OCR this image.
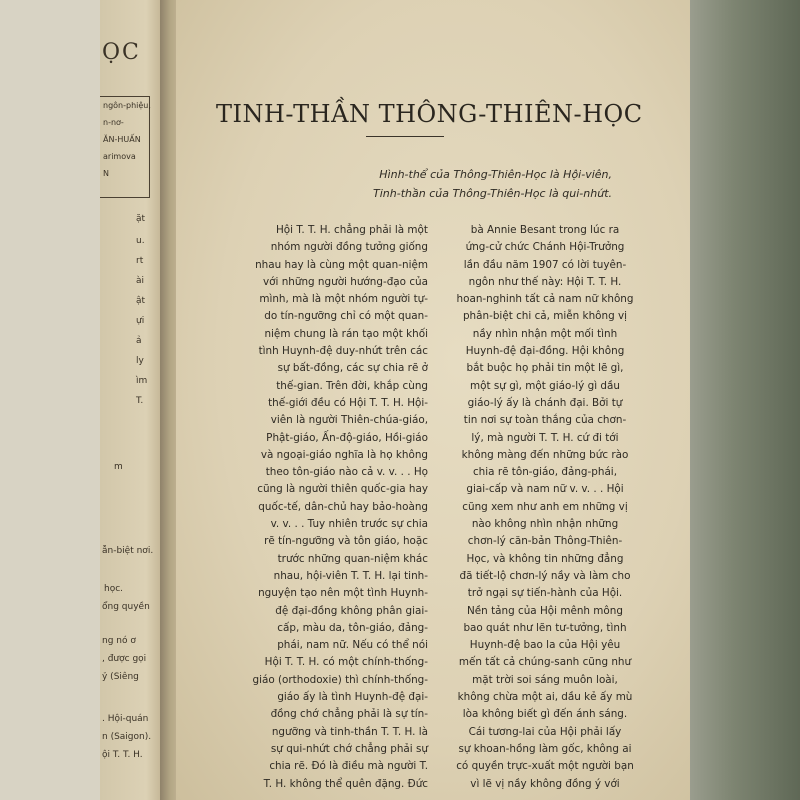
ỌC
ngôn-phiệu,
n-nơ-
ĂN-HUẤN
arimova
N
ặt
u.
rt
ài
ật
ựi
ả
ly
ìm
T.
m
ẫn-biệt nơi.
học.
ổng quyền
ng nó ơ
, được gọi
ỷ (Siêng
. Hội-quán
n (Saigon).
ội T. T. H.
TINH-THẦN THÔNG-THIÊN-HỌC
Hình-thể của Thông-Thiên-Học là Hội-viên,
Tinh-thần của Thông-Thiên-Học là qui-nhứt.
Hội T. T. H. chẳng phải là một
nhóm người đồng tưởng giống
nhau hay là cùng một quan-niệm
với những người hướng-đạo của
mình, mà là một nhóm người tự-
do tín-ngưỡng chỉ có một quan-
niệm chung là rán tạo một khối
tình Huynh-đệ duy-nhứt trên các
sự bất-đồng, các sự chia rẽ ở
thế-gian. Trên đời, khắp cùng
thế-giới đều có Hội T. T. H. Hội-
viên là người Thiên-chúa-giáo,
Phật-giáo, Ấn-độ-giáo, Hồi-giáo
và ngoại-giáo nghĩa là họ không
theo tôn-giáo nào cả v. v. . . Họ
cũng là người thiên quốc-gia hay
quốc-tế, dân-chủ hay bảo-hoàng
v. v. . . Tuy nhiên trước sự chia
rẽ tín-ngưỡng và tôn giáo, hoặc
trước những quan-niệm khác
nhau, hội-viên T. T. H. lại tinh-
nguyện tạo nên một tình Huynh-
đệ đại-đồng không phân giai-
cấp, màu da, tôn-giáo, đảng-
phái, nam nữ. Nếu có thể nói
Hội T. T. H. có một chính-thống-
giáo (orthodoxie) thì chính-thống-
giáo ấy là tình Huynh-đệ đại-
đồng chớ chẳng phải là sự tín-
ngưỡng và tinh-thần T. T. H. là
sự qui-nhứt chớ chẳng phải sự
chia rẽ. Đó là điều mà người T.
T. H. không thể quên đặng. Đức
bà Annie Besant trong lúc ra
ứng-cử chức Chánh Hội-Trưởng
lần đầu năm 1907 có lời tuyên-
ngôn như thế này: Hội T. T. H.
hoan-nghinh tất cả nam nữ không
phân-biệt chi cả, miễn không vị
nầy nhìn nhận một mối tình
Huynh-đệ đại-đồng. Hội không
bắt buộc họ phải tin một lẽ gì,
một sự gì, một giáo-lý gì dầu
giáo-lý ấy là chánh đại. Bởi tự
tin nơi sự toàn thắng của chơn-
lý, mà người T. T. H. cứ đi tới
không màng đến những bức rào
chia rẽ tôn-giáo, đảng-phái,
giai-cấp và nam nữ v. v. . . Hội
cũng xem như anh em những vị
nào không nhìn nhận những
chơn-lý căn-bản Thông-Thiên-
Học, và không tin những đẳng
đã tiết-lộ chơn-lý nầy và làm cho
trở ngại sự tiến-hành của Hội.
Nền tảng của Hội mênh mông
bao quát như lẽn tư-tưởng, tình
Huynh-đệ bao la của Hội yêu
mến tất cả chúng-sanh cũng như
mặt trời soi sáng muôn loài,
không chừa một ai, dầu kẻ ấy mù
lòa không biết gì đến ánh sáng.
Cái tương-lai của Hội phải lấy
sự khoan-hồng làm gốc, không ai
có quyền trực-xuất một người bạn
vì lẽ vị nầy không đồng ý với
